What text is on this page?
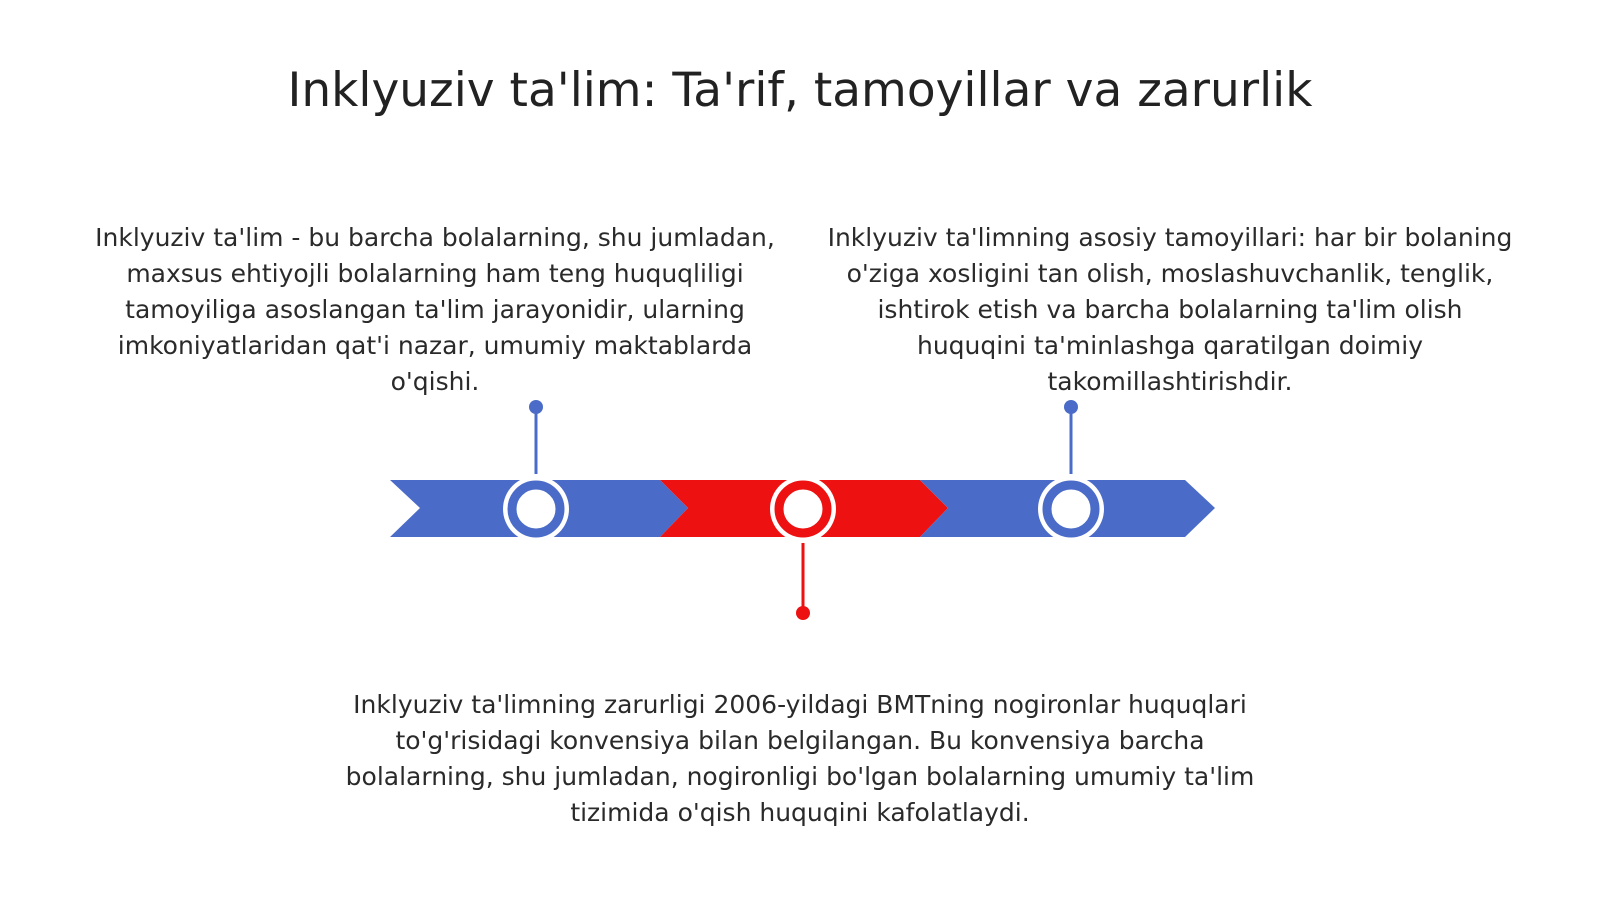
Inklyuziv ta'lim: Ta'rif, tamoyillar va zarurlik
Inklyuziv ta'lim - bu barcha bolalarning, shu jumladan, maxsus ehtiyojli bolalarning ham teng huquqliligi tamoyiliga asoslangan ta'lim jarayonidir, ularning imkoniyatlaridan qat'i nazar, umumiy maktablarda o'qishi.
Inklyuziv ta'limning asosiy tamoyillari: har bir bolaning o'ziga xosligini tan olish, moslashuvchanlik, tenglik, ishtirok etish va barcha bolalarning ta'lim olish huquqini ta'minlashga qaratilgan doimiy takomillashtirishdir.
Inklyuziv ta'limning zarurligi 2006-yildagi BMTning nogironlar huquqlari to'g'risidagi konvensiya bilan belgilangan. Bu konvensiya barcha bolalarning, shu jumladan, nogironligi bo'lgan bolalarning umumiy ta'lim tizimida o'qish huquqini kafolatlaydi.
